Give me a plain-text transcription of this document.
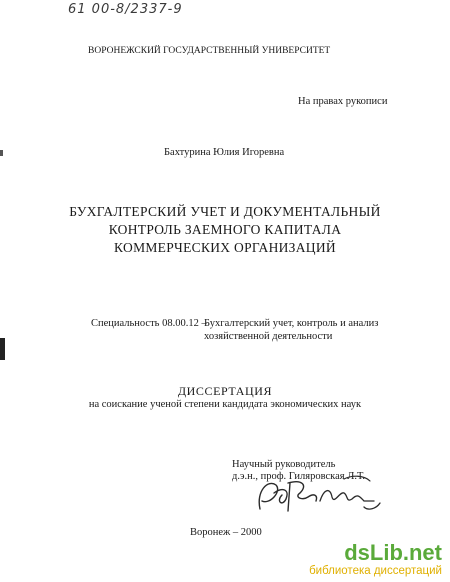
61 00-8/2337-9
ВОРОНЕЖСКИЙ ГОСУДАРСТВЕННЫЙ УНИВЕРСИТЕТ
На правах рукописи
Бахтурина Юлия Игоревна
БУХГАЛТЕРСКИЙ УЧЕТ И ДОКУМЕНТАЛЬНЫЙ
КОНТРОЛЬ ЗАЕМНОГО КАПИТАЛА
КОММЕРЧЕСКИХ ОРГАНИЗАЦИЙ
Специальность 08.00.12 –
Бухгалтерский учет, контроль и анализ
хозяйственной деятельности
ДИССЕРТАЦИЯ
на соискание ученой степени кандидата экономических наук
Научный руководитель
д.э.н., проф. Гиляровская Л.Т.
Воронеж – 2000
dsLib.net
библиотека диссертаций
